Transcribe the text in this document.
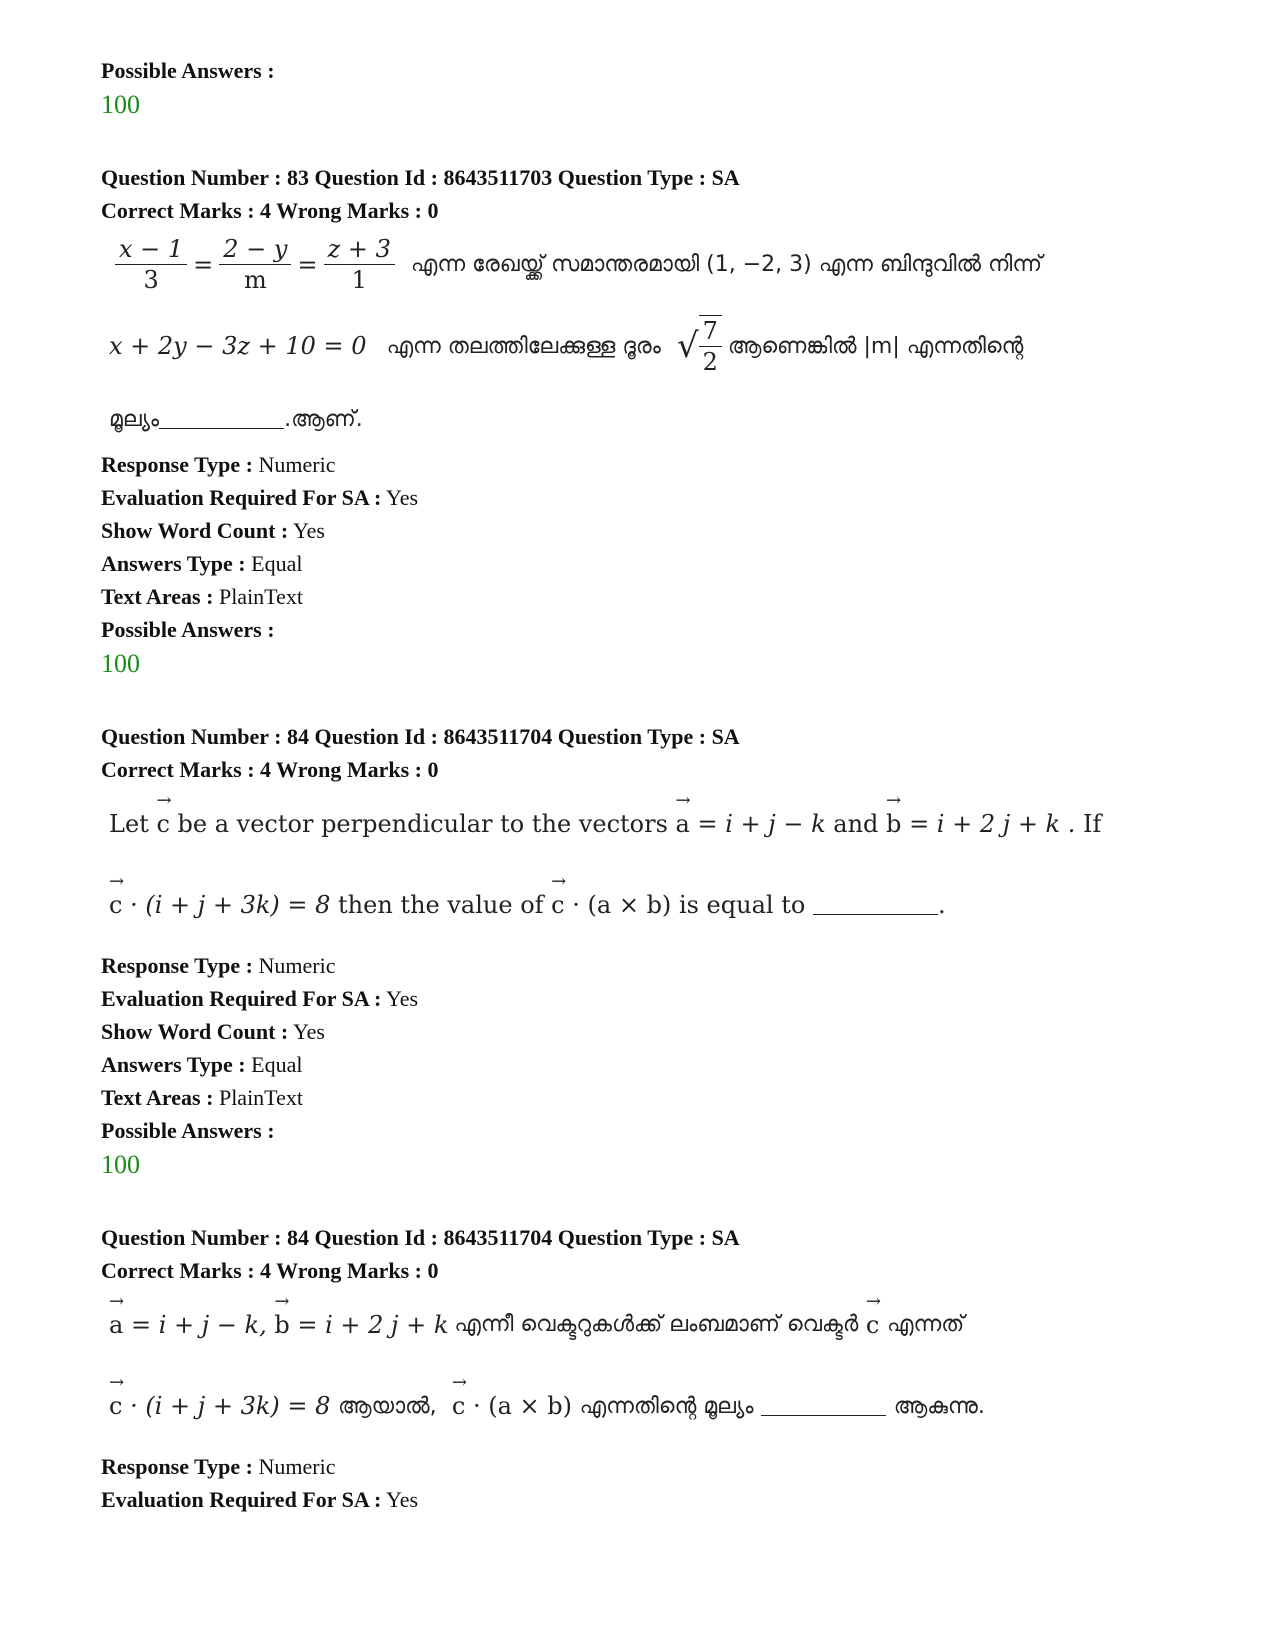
Possible Answers :
100
Question Number : 83 Question Id : 8643511703 Question Type : SA
Correct Marks : 4 Wrong Marks : 0
$\frac{x - 1}{3} = \frac{2 - y}{m} = \frac{z + 3}{1}$ എന്ന രേഖയ്ക്ക് സമാന്തരമായി (1, −2, 3) എന്ന ബിന്ദുവിൽ നിന്ന്
x + 2y − 3z + 10 = 0 എന്ന തലത്തിലേക്കുള്ള ദൂരം √ $\frac{7}{2}$ ആണെങ്കിൽ |m| എന്നതിന്റെ
മൂല്യം	.ആണ്.
Response Type : Numeric
Evaluation Required For SA : Yes
Show Word Count : Yes
Answers Type : Equal
Text Areas : PlainText
Possible Answers :
100
Question Number : 84 Question Id : 8643511704 Question Type : SA
Correct Marks : 4 Wrong Marks : 0
Let
→ c
be a vector perpendicular to the vectors
→ a
= i + j − k
and
→ b
= i + 2 j + k .
If
→ c
· (i + j + 3k) = 8
then the value of
→ c
· (a × b)
is equal to
	.
Response Type : Numeric
Evaluation Required For SA : Yes
Show Word Count : Yes
Answers Type : Equal
Text Areas : PlainText
Possible Answers :
100
Question Number : 84 Question Id : 8643511704 Question Type : SA
Correct Marks : 4 Wrong Marks : 0
→ a
= i + j − k,
→ b
= i + 2 j + k എന്നീ വെക്ടറുകൾക്ക് ലംബമാണ് വെക്ടർ
→ c
എന്നത്
→ c
· (i + j + 3k) = 8
ആയാൽ,
→ c
· (a × b)
എന്നതിന്റെ മൂല്യം

	ആകുന്നു.
Response Type : Numeric
Evaluation Required For SA : Yes
